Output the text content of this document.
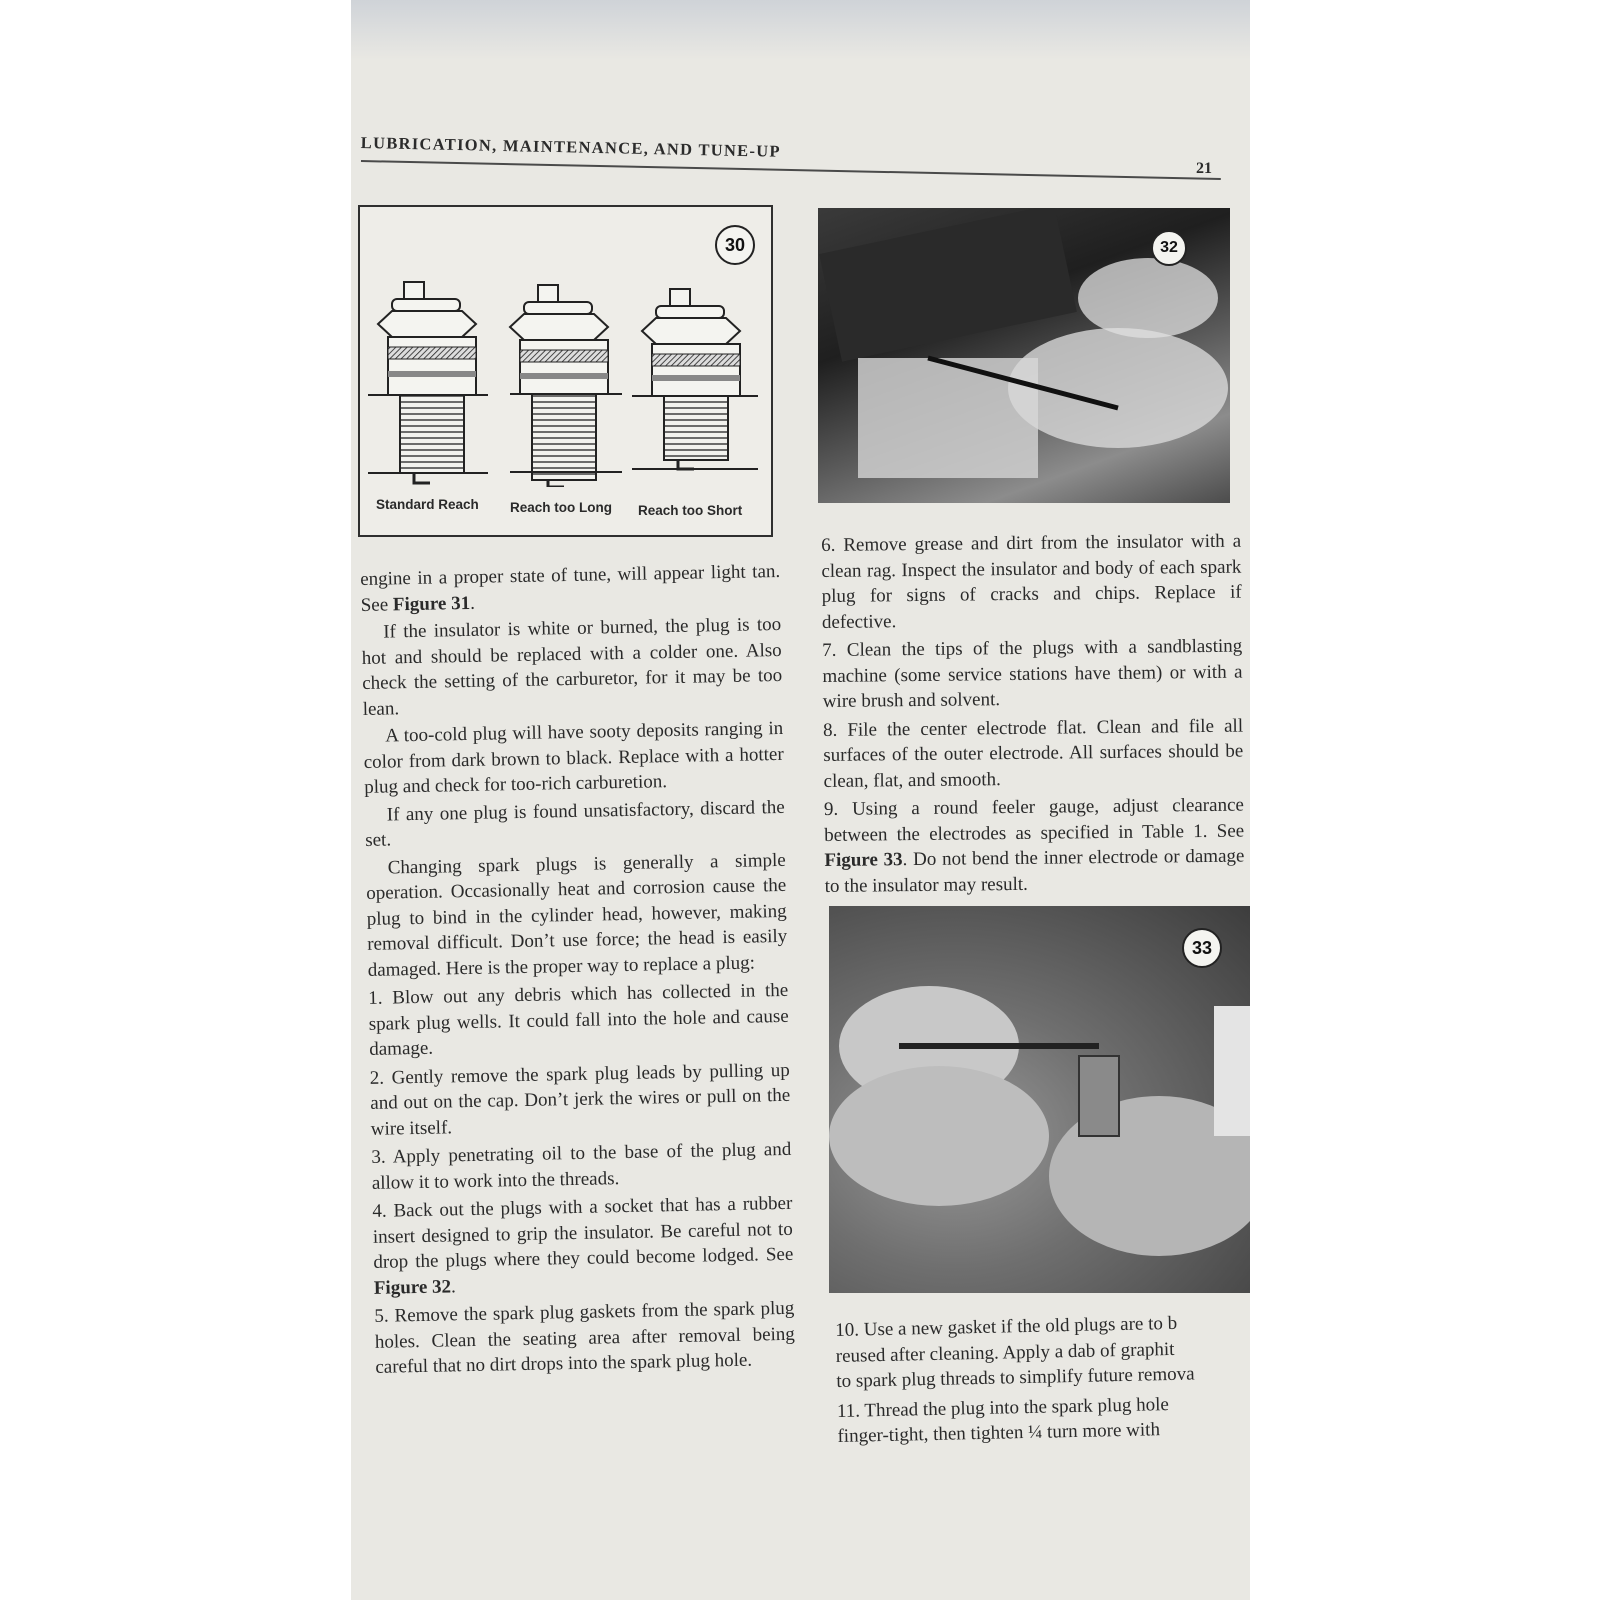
LUBRICATION, MAINTENANCE, AND TUNE-UP
21
30
Standard Reach Reach too Long Reach too Short
32
33

engine in a proper state of tune, will appear light tan. See Figure 31.

If the insulator is white or burned, the plug is too hot and should be replaced with a colder one. Also check the setting of the carburetor, for it may be too lean.

A too-cold plug will have sooty deposits ranging in color from dark brown to black. Replace with a hotter plug and check for too-rich carburetion.

If any one plug is found unsatisfactory, discard the set.

Changing spark plugs is generally a simple operation. Occasionally heat and corrosion cause the plug to bind in the cylinder head, however, making removal difficult. Don’t use force; the head is easily damaged. Here is the proper way to replace a plug:

1. Blow out any debris which has collected in the spark plug wells. It could fall into the hole and cause damage.

2. Gently remove the spark plug leads by pulling up and out on the cap. Don’t jerk the wires or pull on the wire itself.

3. Apply penetrating oil to the base of the plug and allow it to work into the threads.

4. Back out the plugs with a socket that has a rubber insert designed to grip the insulator. Be careful not to drop the plugs where they could become lodged. See Figure 32.

5. Remove the spark plug gaskets from the spark plug holes. Clean the seating area after removal being careful that no dirt drops into the spark plug hole.

6. Remove grease and dirt from the insulator with a clean rag. Inspect the insulator and body of each spark plug for signs of cracks and chips. Replace if defective.

7. Clean the tips of the plugs with a sandblasting machine (some service stations have them) or with a wire brush and solvent.

8. File the center electrode flat. Clean and file all surfaces of the outer electrode. All surfaces should be clean, flat, and smooth.

9. Using a round feeler gauge, adjust clearance between the electrodes as specified in Table 1. See Figure 33. Do not bend the inner electrode or damage to the insulator may result.

10. Use a new gasket if the old plugs are to b
reused after cleaning. Apply a dab of graphit
to spark plug threads to simplify future remova
11. Thread the plug into the spark plug hole
finger-tight, then tighten ¼ turn more with
